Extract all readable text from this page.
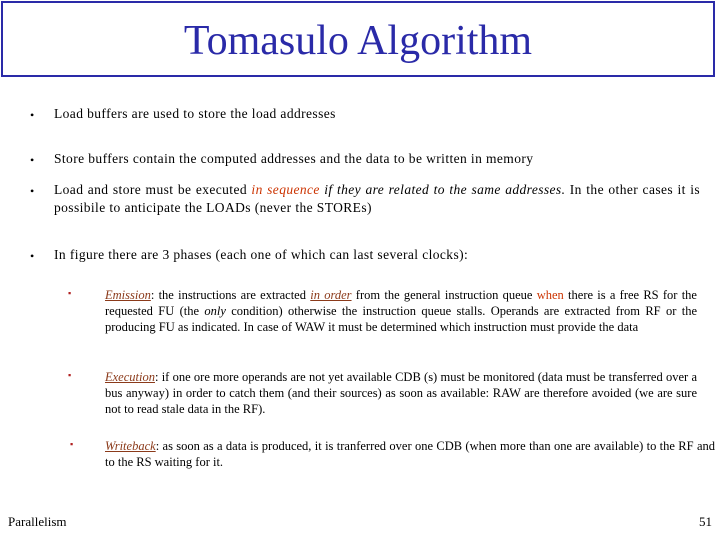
Tomasulo Algorithm
• Load buffers are used to store the load addresses
• Store buffers contain the computed addresses and the data to be written in memory
• Load and store must be executed in sequence if they are related to the same addresses. In the other cases it is possibile to anticipate the LOADs (never the STOREs)
• In figure there are 3 phases (each one of which can last several clocks):
▪	Emission: the instructions are extracted in order from the general instruction queue when there is a free RS for the requested FU (the only condition) otherwise the instruction queue stalls. Operands are extracted from RF or the producing FU as indicated. In case of WAW it must be determined which instruction must provide the data
▪	Execution: if one ore more operands are not yet available CDB (s) must be monitored (data must be transferred over a bus anyway) in order to catch them (and their sources) as soon as available: RAW are therefore avoided (we are sure not to read stale data in the RF).
▪	Writeback: as soon as a data is produced, it is tranferred over one CDB (when more than one are available) to the RF and to the RS waiting for it.
Parallelism	51
